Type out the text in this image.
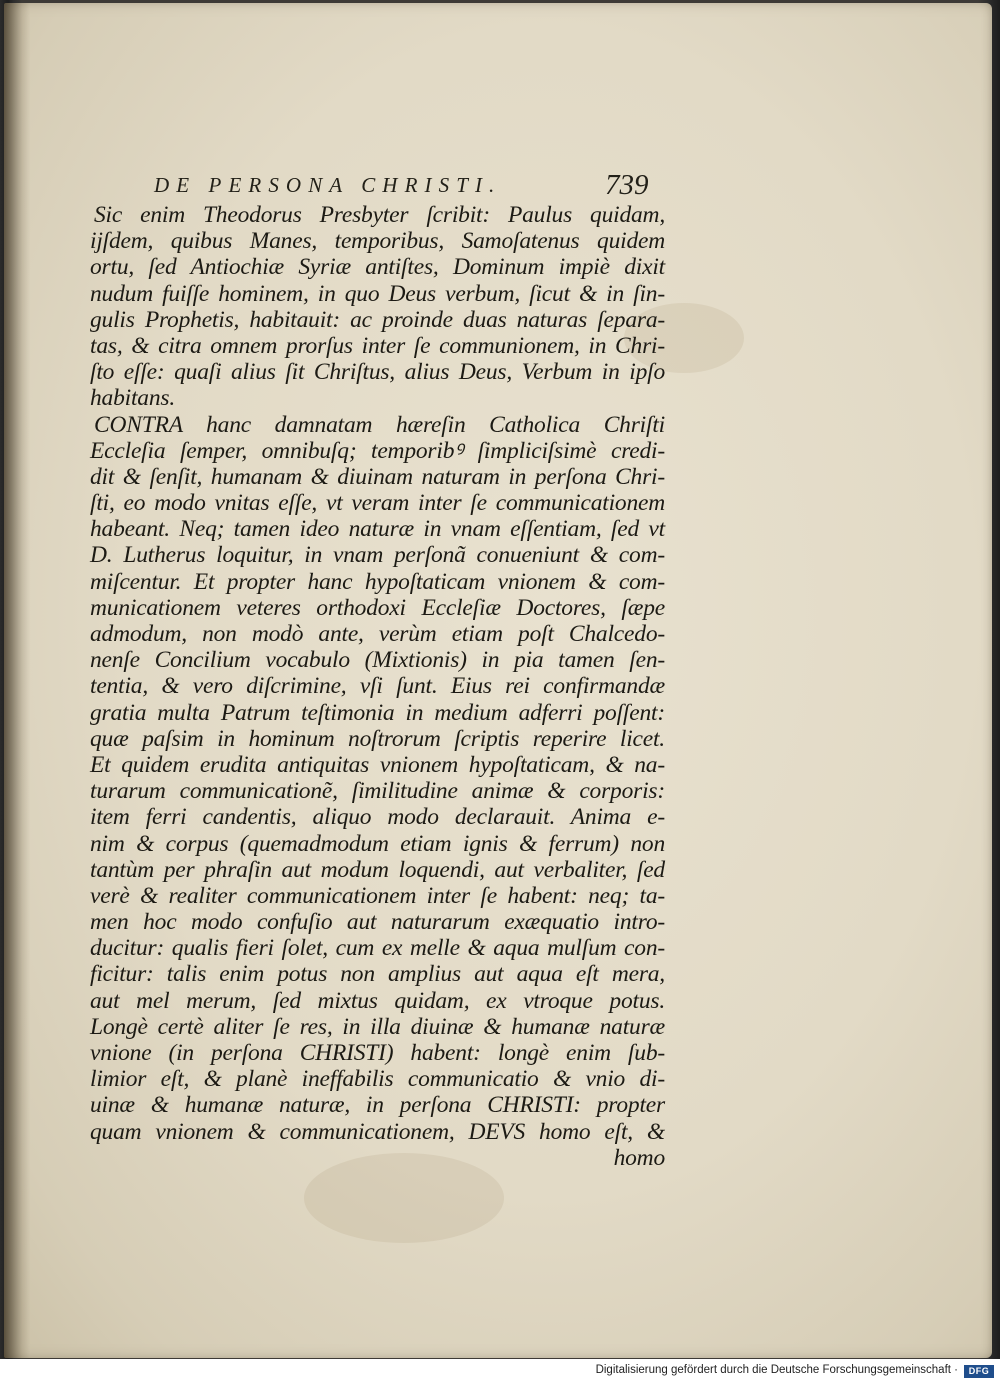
DE PERSONA CHRISTI.	739
Sic enim Theodorus Presbyter ſcribit: Paulus quidam,
ijſdem, quibus Manes, temporibus, Samoſatenus quidem
ortu, ſed Antiochiæ Syriæ antiſtes, Dominum impiè dixit
nudum fuiſſe hominem, in quo Deus verbum, ſicut & in ſin-
gulis Prophetis, habitauit: ac proinde duas naturas ſepara-
tas, & citra omnem prorſus inter ſe communionem, in Chri-
ſto eſſe: quaſi alius ſit Chriſtus, alius Deus, Verbum in ipſo
habitans.
CONTRA hanc damnatam hæreſin Catholica Chriſti
Eccleſia ſemper, omnibuſq; temporibꝰ ſimpliciſsimè credi-
dit & ſenſit, humanam & diuinam naturam in perſona Chri-
ſti, eo modo vnitas eſſe, vt veram inter ſe communicationem
habeant. Neq; tamen ideo naturæ in vnam eſſentiam, ſed vt
D. Lutherus loquitur, in vnam perſonã conueniunt & com-
miſcentur. Et propter hanc hypoſtaticam vnionem & com-
municationem veteres orthodoxi Eccleſiæ Doctores, ſæpe
admodum, non modò ante, verùm etiam poſt Chalcedo-
nenſe Concilium vocabulo (Mixtionis) in pia tamen ſen-
tentia, & vero diſcrimine, vſi ſunt. Eius rei confirmandæ
gratia multa Patrum teſtimonia in medium adferri poſſent:
quæ paſsim in hominum noſtrorum ſcriptis reperire licet.
Et quidem erudita antiquitas vnionem hypoſtaticam, & na-
turarum communicationẽ, ſimilitudine animæ & corporis:
item ferri candentis, aliquo modo declarauit. Anima e-
nim & corpus (quemadmodum etiam ignis & ferrum) non
tantùm per phraſin aut modum loquendi, aut verbaliter, ſed
verè & realiter communicationem inter ſe habent: neq; ta-
men hoc modo confuſio aut naturarum exæquatio intro-
ducitur: qualis fieri ſolet, cum ex melle & aqua mulſum con-
ficitur: talis enim potus non amplius aut aqua eſt mera,
aut mel merum, ſed mixtus quidam, ex vtroque potus.
Longè certè aliter ſe res, in illa diuinæ & humanæ naturæ
vnione (in perſona CHRISTI) habent: longè enim ſub-
limior eſt, & planè ineffabilis communicatio & vnio di-
uinæ & humanæ naturæ, in perſona CHRISTI: propter
quam vnionem & communicationem, DEVS homo eſt, &
homo
Digitalisierung gefördert durch die Deutsche Forschungsgemeinschaft ·	DFG
